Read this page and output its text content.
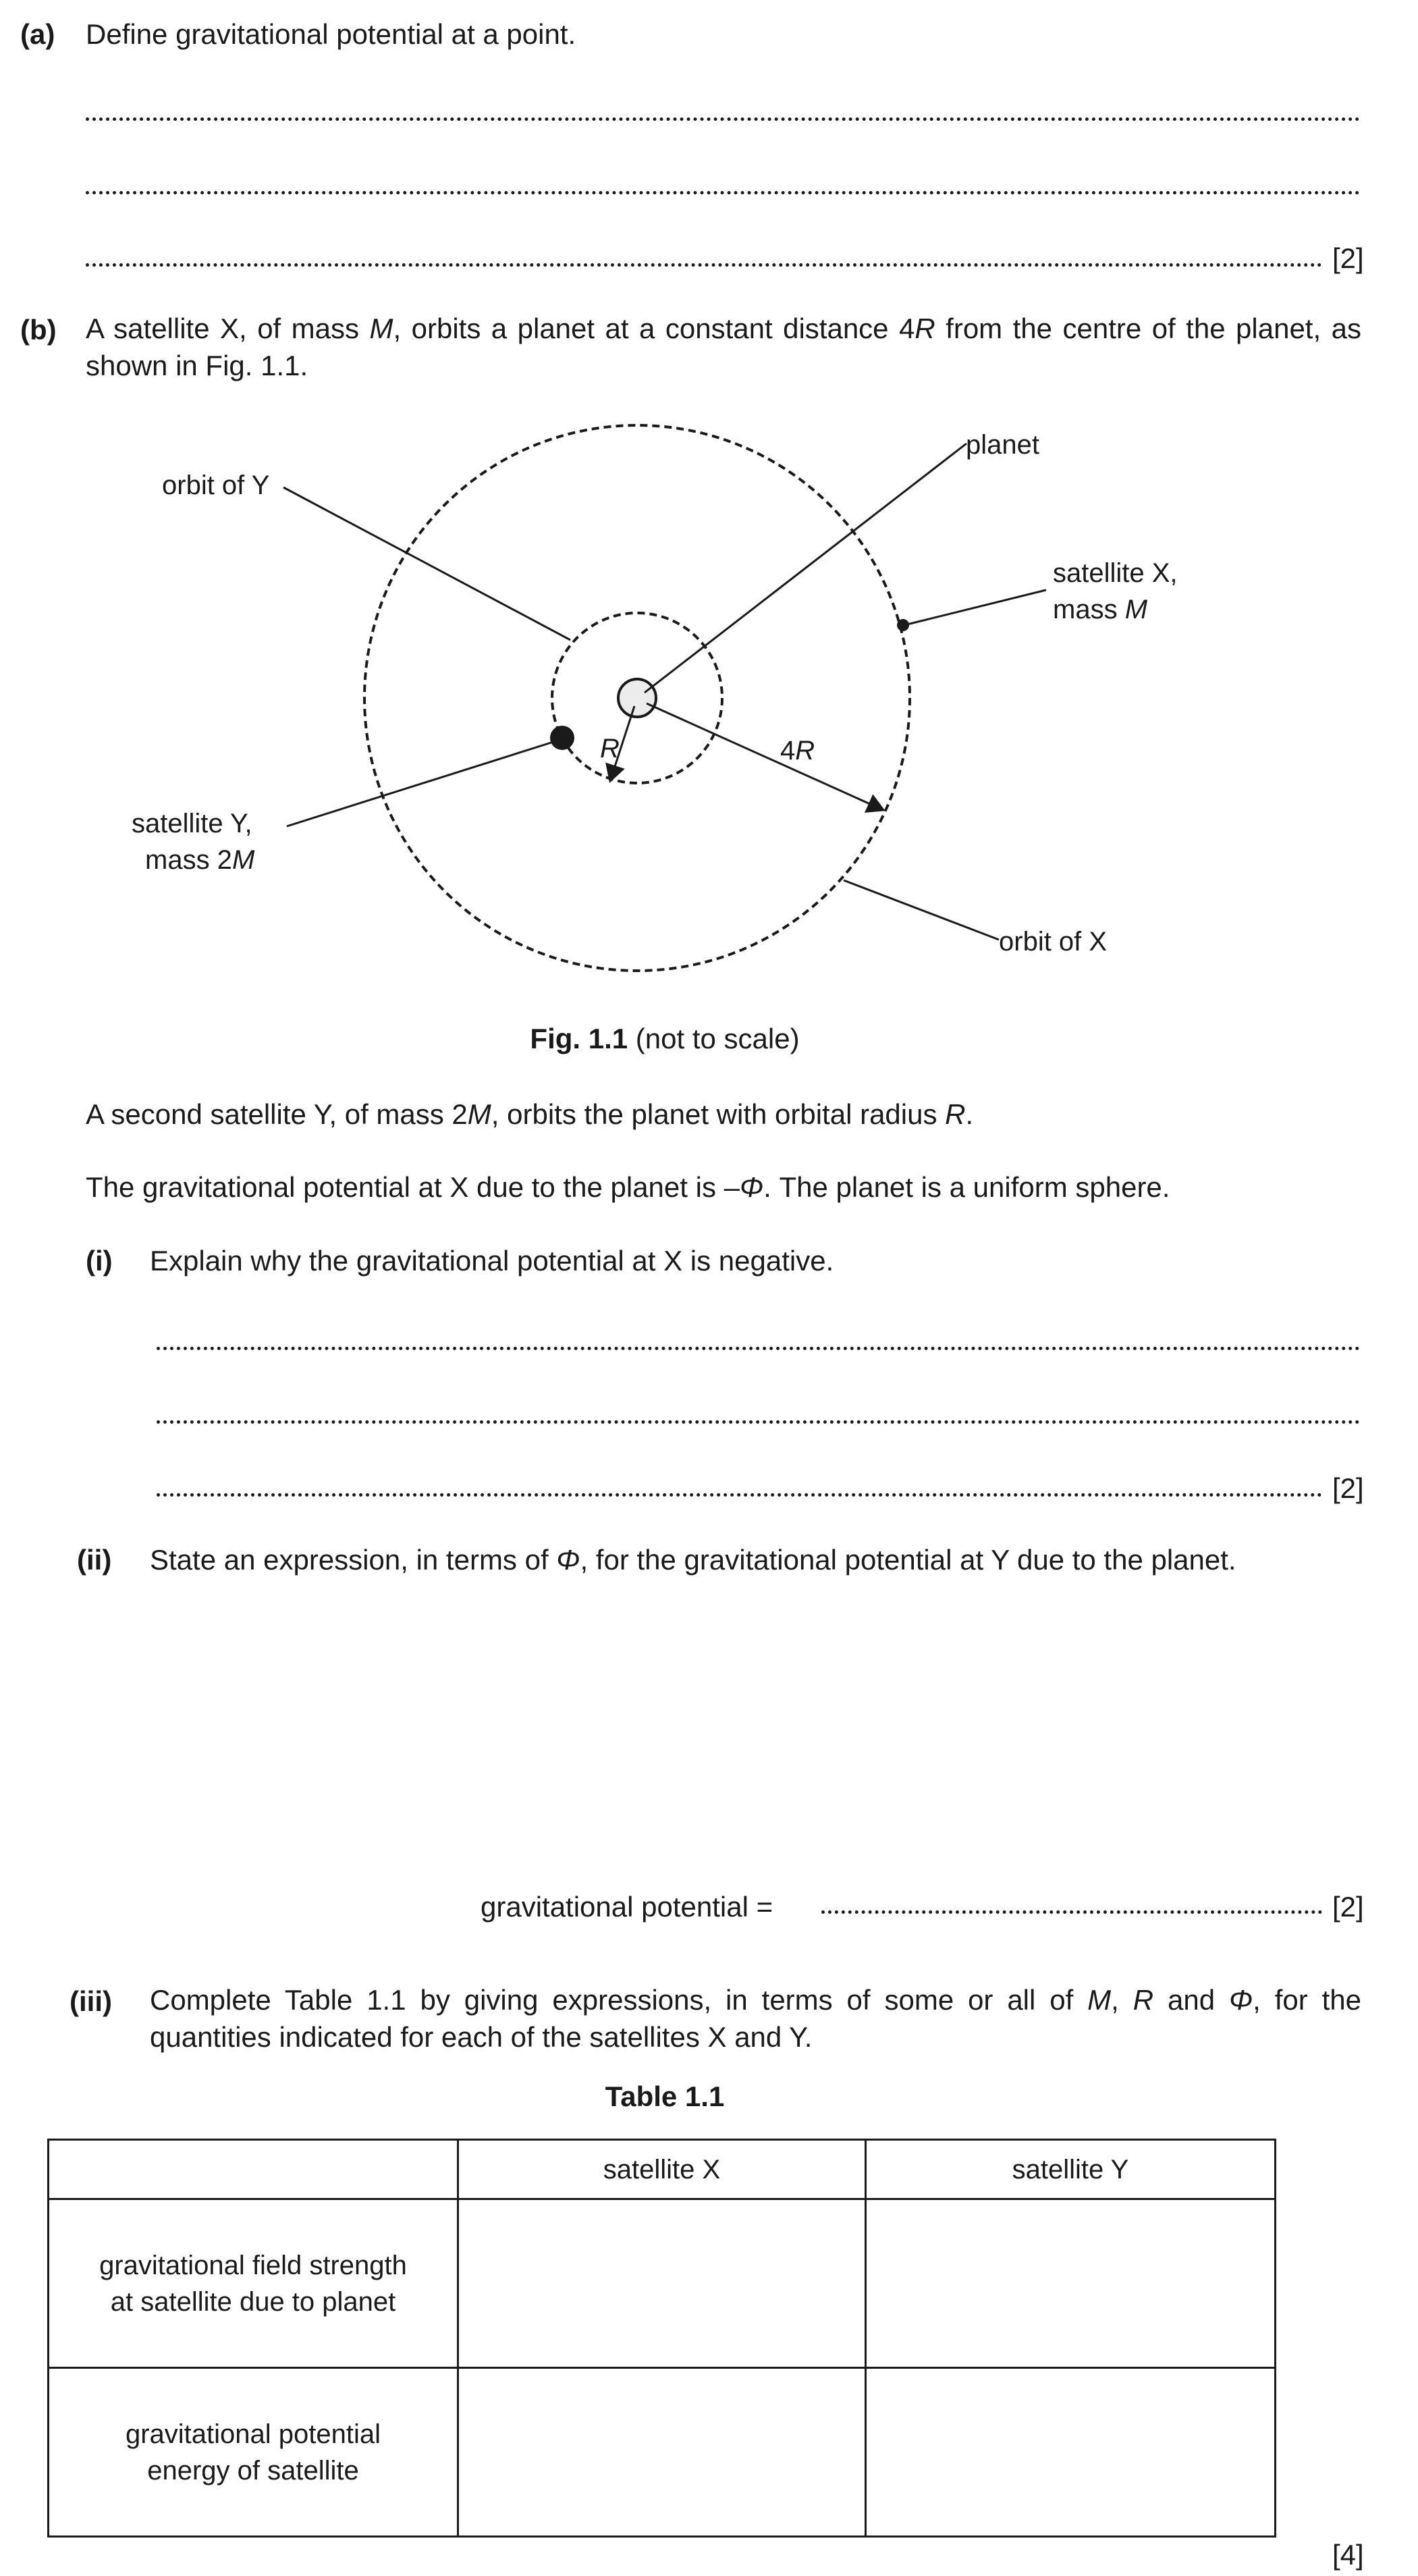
(a) Define gravitational potential at a point.
[2]
(b) A satellite X, of mass M, orbits a planet at a constant distance 4R from the centre of the planet, as shown in Fig. 1.1.
planet
orbit of Y
satellite X,
mass M
satellite Y,
mass 2M
R	4R
orbit of X
Fig. 1.1 (not to scale)
A second satellite Y, of mass 2M, orbits the planet with orbital radius R.
The gravitational potential at X due to the planet is –Φ. The planet is a uniform sphere.
(i) Explain why the gravitational potential at X is negative.
[2]
(ii) State an expression, in terms of Φ, for the gravitational potential at Y due to the planet.
gravitational potential =	[2]
(iii) Complete Table 1.1 by giving expressions, in terms of some or all of M, R and Φ, for the quantities indicated for each of the satellites X and Y.
Table 1.1
	satellite X	satellite Y
gravitational field strength
at satellite due to planet		
gravitational potential
energy of satellite		
[4]
